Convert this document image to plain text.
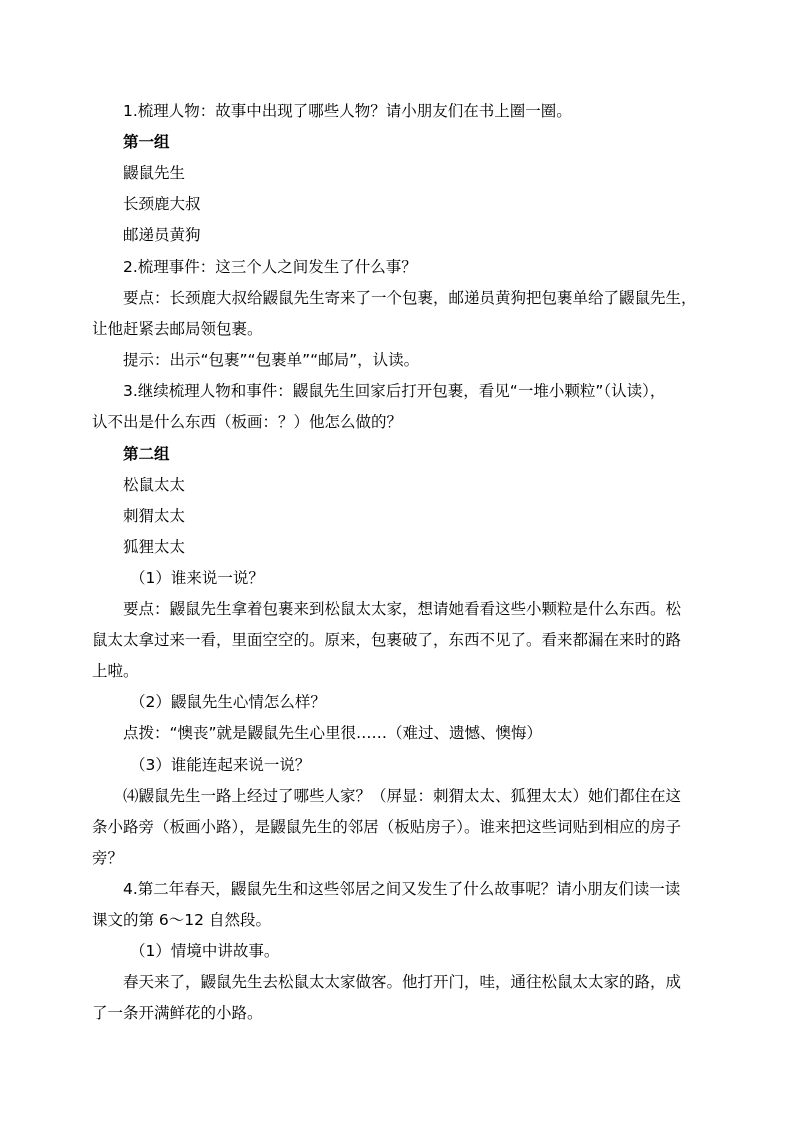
1.梳理人物：故事中出现了哪些人物？请小朋友们在书上圈一圈。
第一组
鼹鼠先生
长颈鹿大叔
邮递员黄狗
2.梳理事件：这三个人之间发生了什么事？
要点：长颈鹿大叔给鼹鼠先生寄来了一个包裹，邮递员黄狗把包裹单给了鼹鼠先生，
让他赶紧去邮局领包裹。
提示：出示“包裹”“包裹单”“邮局”，认读。
3.继续梳理人物和事件：鼹鼠先生回家后打开包裹，看见“一堆小颗粒”（认读），
认不出是什么东西（板画：？）他怎么做的？
第二组
松鼠太太
刺猬太太
狐狸太太
（1）谁来说一说？
要点：鼹鼠先生拿着包裹来到松鼠太太家，想请她看看这些小颗粒是什么东西。松
鼠太太拿过来一看，里面空空的。原来，包裹破了，东西不见了。看来都漏在来时的路
上啦。
（2）鼹鼠先生心情怎么样？
点拨：“懊丧”就是鼹鼠先生心里很……（难过、遗憾、懊悔）
（3）谁能连起来说一说？
⑷鼹鼠先生一路上经过了哪些人家？（屏显：刺猬太太、狐狸太太）她们都住在这
条小路旁（板画小路），是鼹鼠先生的邻居（板贴房子）。谁来把这些词贴到相应的房子
旁？
4.第二年春天，鼹鼠先生和这些邻居之间又发生了什么故事呢？请小朋友们读一读
课文的第 6～12 自然段。
（1）情境中讲故事。
春天来了，鼹鼠先生去松鼠太太家做客。他打开门，哇，通往松鼠太太家的路，成
了一条开满鲜花的小路。
